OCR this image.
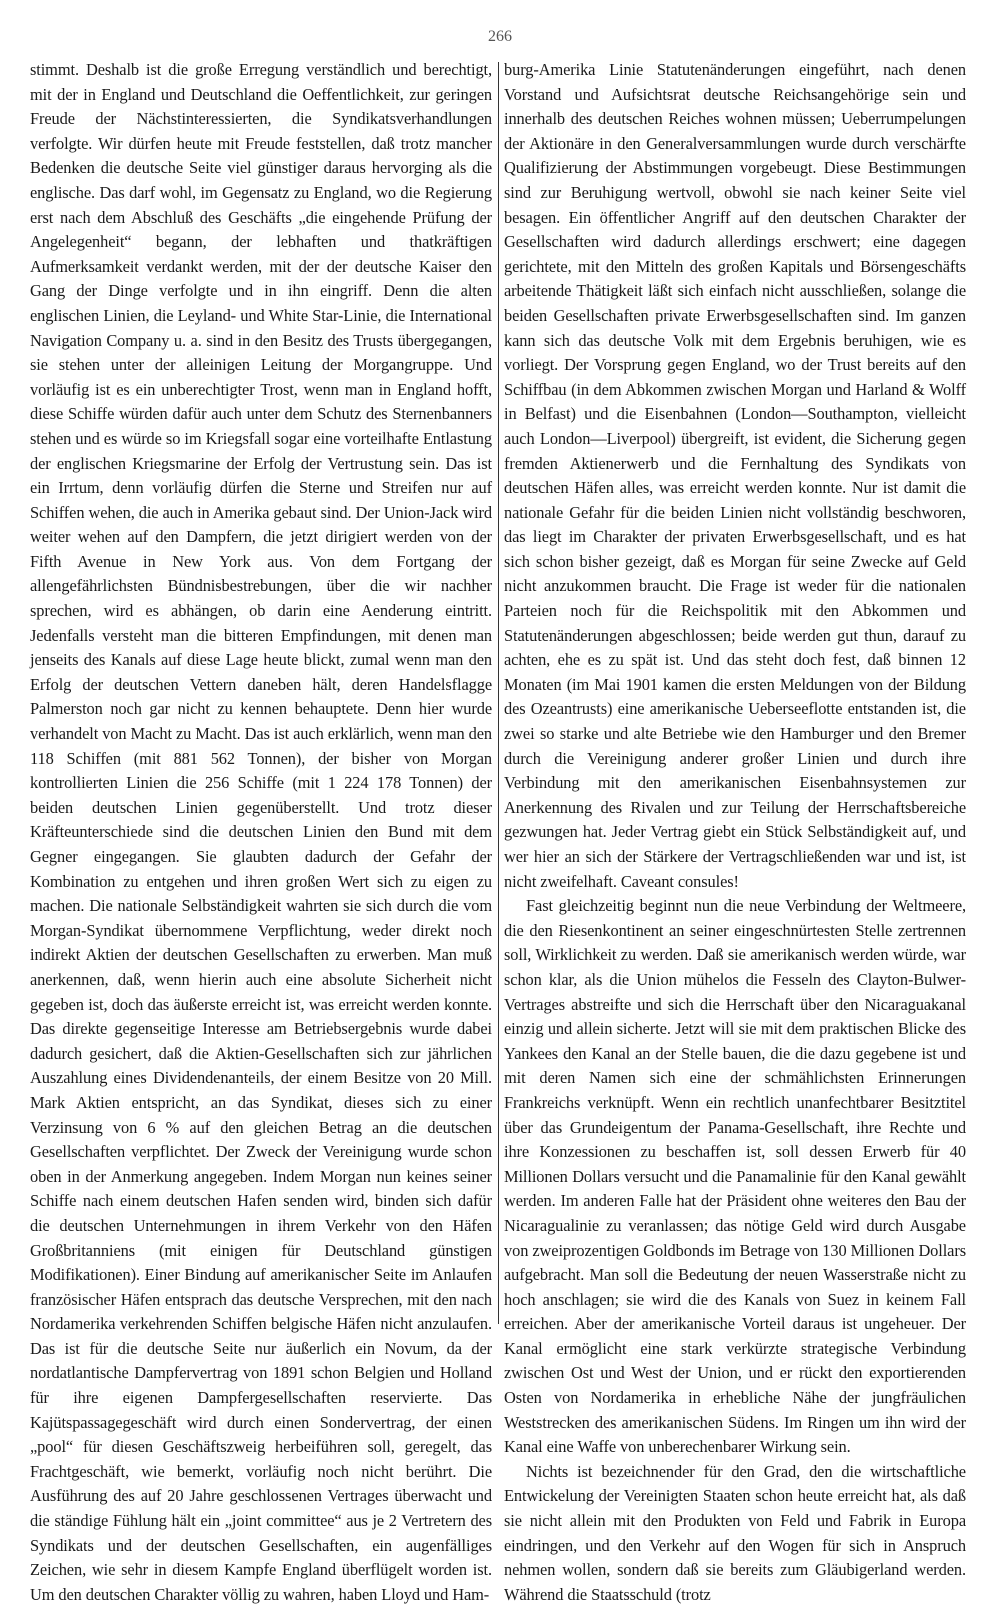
266

stimmt. Deshalb ist die große Erregung verständlich und berechtigt, mit der in England und Deutschland die Oeffentlichkeit, zur geringen Freude der Nächstinteressierten, die Syndikatsverhandlungen verfolgte. Wir dürfen heute mit Freude feststellen, daß trotz mancher Bedenken die deutsche Seite viel günstiger daraus hervorging als die englische. Das darf wohl, im Gegensatz zu England, wo die Regierung erst nach dem Abschluß des Geschäfts „die eingehende Prüfung der Angelegenheit“ begann, der lebhaften und thatkräftigen Aufmerksamkeit verdankt werden, mit der der deutsche Kaiser den Gang der Dinge verfolgte und in ihn eingriff. Denn die alten englischen Linien, die Leyland- und White Star-Linie, die International Navigation Company u. a. sind in den Besitz des Trusts übergegangen, sie stehen unter der alleinigen Leitung der Morgangruppe. Und vorläufig ist es ein unberechtigter Trost, wenn man in England hofft, diese Schiffe würden dafür auch unter dem Schutz des Sternenbanners stehen und es würde so im Kriegsfall sogar eine vorteilhafte Entlastung der englischen Kriegsmarine der Erfolg der Vertrustung sein. Das ist ein Irrtum, denn vorläufig dürfen die Sterne und Streifen nur auf Schiffen wehen, die auch in Amerika gebaut sind. Der Union-Jack wird weiter wehen auf den Dampfern, die jetzt dirigiert werden von der Fifth Avenue in New York aus. Von dem Fortgang der allengefährlichsten Bündnisbestrebungen, über die wir nachher sprechen, wird es abhängen, ob darin eine Aenderung eintritt. Jedenfalls versteht man die bitteren Empfindungen, mit denen man jenseits des Kanals auf diese Lage heute blickt, zumal wenn man den Erfolg der deutschen Vettern daneben hält, deren Handelsflagge Palmerston noch gar nicht zu kennen behauptete. Denn hier wurde verhandelt von Macht zu Macht. Das ist auch erklärlich, wenn man den 118 Schiffen (mit 881 562 Tonnen), der bisher von Morgan kontrollierten Linien die 256 Schiffe (mit 1 224 178 Tonnen) der beiden deutschen Linien gegenüberstellt. Und trotz dieser Kräfteunterschiede sind die deutschen Linien den Bund mit dem Gegner eingegangen. Sie glaubten dadurch der Gefahr der Kombination zu entgehen und ihren großen Wert sich zu eigen zu machen. Die nationale Selbständigkeit wahrten sie sich durch die vom Morgan-Syndikat übernommene Verpflichtung, weder direkt noch indirekt Aktien der deutschen Gesellschaften zu erwerben. Man muß anerkennen, daß, wenn hierin auch eine absolute Sicherheit nicht gegeben ist, doch das äußerste erreicht ist, was erreicht werden konnte. Das direkte gegenseitige Interesse am Betriebsergebnis wurde dabei dadurch gesichert, daß die Aktien-Gesellschaften sich zur jährlichen Auszahlung eines Dividendenanteils, der einem Besitze von 20 Mill. Mark Aktien entspricht, an das Syndikat, dieses sich zu einer Verzinsung von 6 % auf den gleichen Betrag an die deutschen Gesellschaften verpflichtet. Der Zweck der Vereinigung wurde schon oben in der Anmerkung angegeben. Indem Morgan nun keines seiner Schiffe nach einem deutschen Hafen senden wird, binden sich dafür die deutschen Unternehmungen in ihrem Verkehr von den Häfen Großbritanniens (mit einigen für Deutschland günstigen Modifikationen). Einer Bindung auf amerikanischer Seite im Anlaufen französischer Häfen entsprach das deutsche Versprechen, mit den nach Nordamerika verkehrenden Schiffen belgische Häfen nicht anzulaufen. Das ist für die deutsche Seite nur äußerlich ein Novum, da der nordatlantische Dampfervertrag von 1891 schon Belgien und Holland für ihre eigenen Dampfergesellschaften reservierte. Das Kajütspassagegeschäft wird durch einen Sondervertrag, der einen „pool“ für diesen Geschäftszweig herbeiführen soll, geregelt, das Frachtgeschäft, wie bemerkt, vorläufig noch nicht berührt. Die Ausführung des auf 20 Jahre geschlossenen Vertrages überwacht und die ständige Fühlung hält ein „joint committee“ aus je 2 Vertretern des Syndikats und der deutschen Gesellschaften, ein augenfälliges Zeichen, wie sehr in diesem Kampfe England überflügelt worden ist. Um den deutschen Charakter völlig zu wahren, haben Lloyd und Ham-

burg-Amerika Linie Statutenänderungen eingeführt, nach denen Vorstand und Aufsichtsrat deutsche Reichsangehörige sein und innerhalb des deutschen Reiches wohnen müssen; Ueberrumpelungen der Aktionäre in den Generalversammlungen wurde durch verschärfte Qualifizierung der Abstimmungen vorgebeugt. Diese Bestimmungen sind zur Beruhigung wertvoll, obwohl sie nach keiner Seite viel besagen. Ein öffentlicher Angriff auf den deutschen Charakter der Gesellschaften wird dadurch allerdings erschwert; eine dagegen gerichtete, mit den Mitteln des großen Kapitals und Börsengeschäfts arbeitende Thätigkeit läßt sich einfach nicht ausschließen, solange die beiden Gesellschaften private Erwerbsgesellschaften sind. Im ganzen kann sich das deutsche Volk mit dem Ergebnis beruhigen, wie es vorliegt. Der Vorsprung gegen England, wo der Trust bereits auf den Schiffbau (in dem Abkommen zwischen Morgan und Harland & Wolff in Belfast) und die Eisenbahnen (London—Southampton, vielleicht auch London—Liverpool) übergreift, ist evident, die Sicherung gegen fremden Aktienerwerb und die Fernhaltung des Syndikats von deutschen Häfen alles, was erreicht werden konnte. Nur ist damit die nationale Gefahr für die beiden Linien nicht vollständig beschworen, das liegt im Charakter der privaten Erwerbsgesellschaft, und es hat sich schon bisher gezeigt, daß es Morgan für seine Zwecke auf Geld nicht anzukommen braucht. Die Frage ist weder für die nationalen Parteien noch für die Reichspolitik mit den Abkommen und Statutenänderungen abgeschlossen; beide werden gut thun, darauf zu achten, ehe es zu spät ist. Und das steht doch fest, daß binnen 12 Monaten (im Mai 1901 kamen die ersten Meldungen von der Bildung des Ozeantrusts) eine amerikanische Ueberseeflotte entstanden ist, die zwei so starke und alte Betriebe wie den Hamburger und den Bremer durch die Vereinigung anderer großer Linien und durch ihre Verbindung mit den amerikanischen Eisenbahnsystemen zur Anerkennung des Rivalen und zur Teilung der Herrschaftsbereiche gezwungen hat. Jeder Vertrag giebt ein Stück Selbständigkeit auf, und wer hier an sich der Stärkere der Vertragschließenden war und ist, ist nicht zweifelhaft. Caveant consules!

Fast gleichzeitig beginnt nun die neue Verbindung der Weltmeere, die den Riesenkontinent an seiner eingeschnürtesten Stelle zertrennen soll, Wirklichkeit zu werden. Daß sie amerikanisch werden würde, war schon klar, als die Union mühelos die Fesseln des Clayton-Bulwer-Vertrages abstreifte und sich die Herrschaft über den Nicaraguakanal einzig und allein sicherte. Jetzt will sie mit dem praktischen Blicke des Yankees den Kanal an der Stelle bauen, die die dazu gegebene ist und mit deren Namen sich eine der schmählichsten Erinnerungen Frankreichs verknüpft. Wenn ein rechtlich unanfechtbarer Besitztitel über das Grundeigentum der Panama-Gesellschaft, ihre Rechte und ihre Konzessionen zu beschaffen ist, soll dessen Erwerb für 40 Millionen Dollars versucht und die Panamalinie für den Kanal gewählt werden. Im anderen Falle hat der Präsident ohne weiteres den Bau der Nicaragualinie zu veranlassen; das nötige Geld wird durch Ausgabe von zweiprozentigen Goldbonds im Betrage von 130 Millionen Dollars aufgebracht. Man soll die Bedeutung der neuen Wasserstraße nicht zu hoch anschlagen; sie wird die des Kanals von Suez in keinem Fall erreichen. Aber der amerikanische Vorteil daraus ist ungeheuer. Der Kanal ermöglicht eine stark verkürzte strategische Verbindung zwischen Ost und West der Union, und er rückt den exportierenden Osten von Nordamerika in erhebliche Nähe der jungfräulichen Weststrecken des amerikanischen Südens. Im Ringen um ihn wird der Kanal eine Waffe von unberechenbarer Wirkung sein.

Nichts ist bezeichnender für den Grad, den die wirtschaftliche Entwickelung der Vereinigten Staaten schon heute erreicht hat, als daß sie nicht allein mit den Produkten von Feld und Fabrik in Europa eindringen, und den Verkehr auf den Wogen für sich in Anspruch nehmen wollen, sondern daß sie bereits zum Gläubigerland werden. Während die Staatsschuld (trotz
